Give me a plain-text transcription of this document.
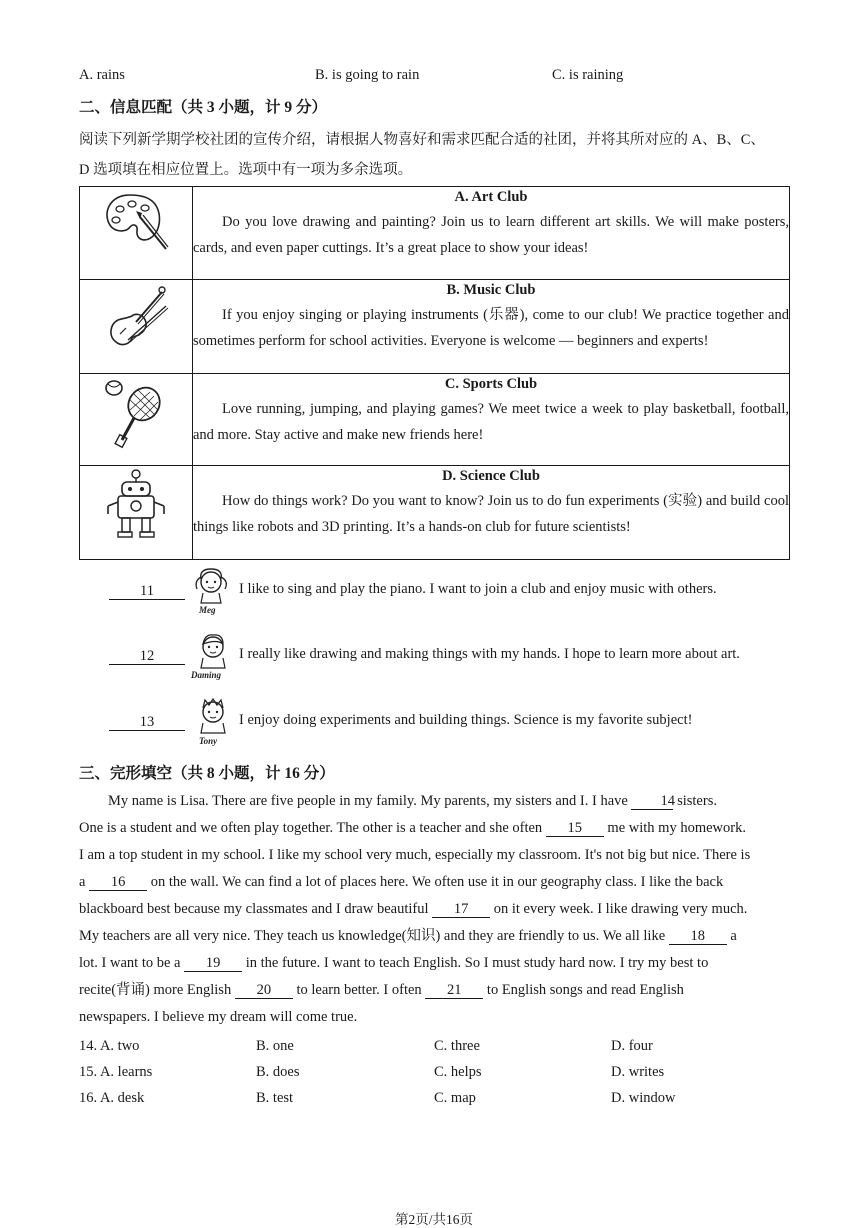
A. rains	B. is going to rain	C. is raining
二、信息匹配（共 3 小题，计 9 分）
阅读下列新学期学校社团的宣传介绍，请根据人物喜好和需求匹配合适的社团，并将其所对应的 A、B、C、
D 选项填在相应位置上。选项中有一项为多余选项。

A. Art Club
Do you love drawing and painting? Join us to learn different art skills. We will make posters, cards, and even paper cuttings. It’s a great place to show your ideas!

B. Music Club
If you enjoy singing or playing instruments (乐器), come to our club! We practice together and sometimes perform for school activities. Everyone is welcome — beginners and experts!

C. Sports Club
Love running, jumping, and playing games? We meet twice a week to play basketball, football, and more. Stay active and make new friends here!

D. Science Club
How do things work? Do you want to know? Join us to do fun experiments (实验) and build cool things like robots and 3D printing. It’s a hands-on club for future scientists!
11
Meg
I like to sing and play the piano. I want to join a club and enjoy music with others.
12
Daming
I really like drawing and making things with my hands. I hope to learn more about art.
13
Tony
I enjoy doing experiments and building things. Science is my favorite subject!
三、完形填空（共 8 小题，计 16 分）
My name is Lisa. There are five people in my family. My parents, my sisters and I. I have 14 sisters.
One is a student and we often play together. The other is a teacher and she often 15 me with my homework.
I am a top student in my school. I like my school very much, especially my classroom. It's not big but nice. There is
a 16 on the wall. We can find a lot of places here. We often use it in our geography class. I like the back
blackboard best because my classmates and I draw beautiful 17 on it every week. I like drawing very much.
My teachers are all very nice. They teach us knowledge(知识) and they are friendly to us. We all like 18 a
lot. I want to be a 19 in the future. I want to teach English. So I must study hard now. I try my best to
recite(背诵) more English 20 to learn better. I often 21 to English songs and read English
newspapers. I believe my dream will come true.
14. A. two	B. one	C. three	D. four
15. A. learns	B. does	C. helps	D. writes
16. A. desk	B. test	C. map	D. window
第2页/共16页
